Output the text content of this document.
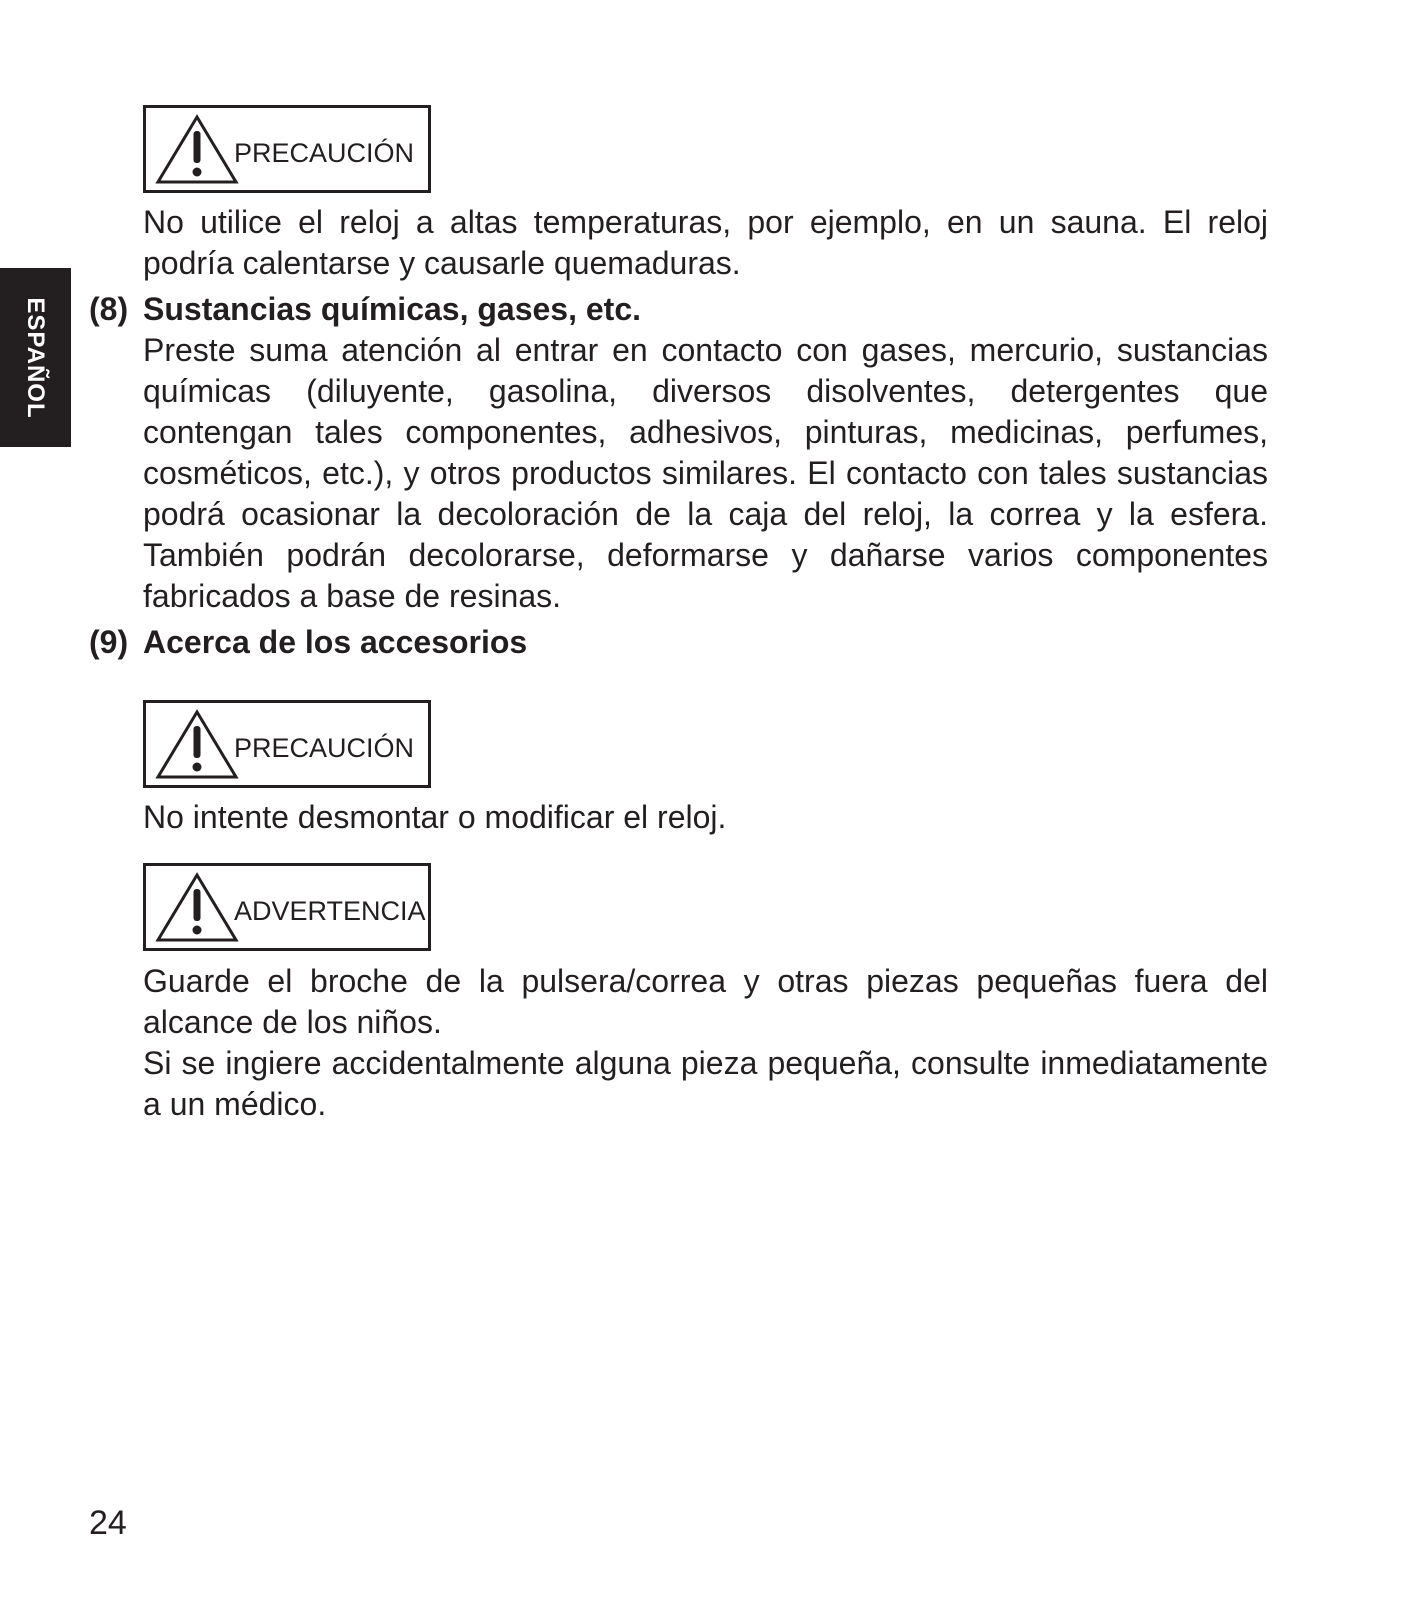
ESPAÑOL
PRECAUCIÓN

No utilice el reloj a altas temperaturas, por ejemplo, en un sauna. El reloj podría calentarse y causarle quemaduras.

(8) Sustancias químicas, gases, etc.

Preste suma atención al entrar en contacto con gases, mercurio, sustancias químicas (diluyente, gasolina, diversos disolventes, detergentes que contengan tales componentes, adhesivos, pinturas, medicinas, perfumes, cosméticos, etc.), y otros productos similares. El contacto con tales sustancias podrá ocasionar la decoloración de la caja del reloj, la correa y la esfera. También podrán decolorarse, deformarse y dañarse varios componentes fabricados a base de resinas.

(9) Acerca de los accesorios
PRECAUCIÓN

No intente desmontar o modificar el reloj.

ADVERTENCIA

Guarde el broche de la pulsera/correa y otras piezas pequeñas fuera del alcance de los niños.

Si se ingiere accidentalmente alguna pieza pequeña, consulte inmediatamente a un médico.

24
